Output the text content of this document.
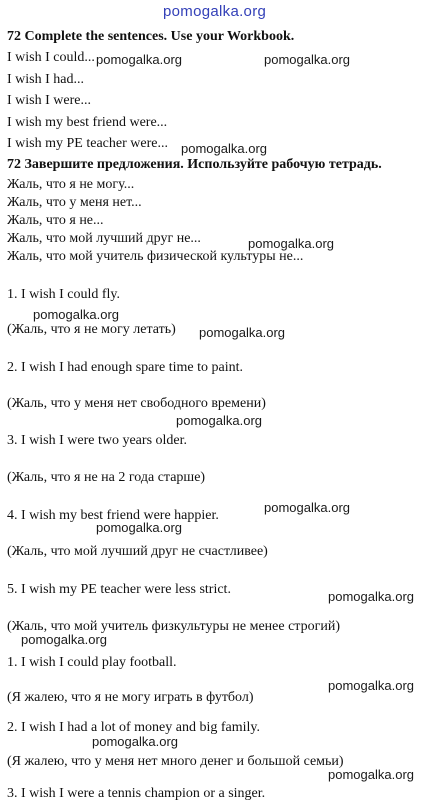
pomogalka.org
72 Complete the sentences. Use your Workbook.
I wish I could...
I wish I had...
I wish I were...
I wish my best friend were...
I wish my PE teacher were...
72 Завершите предложения. Используйте рабочую тетрадь.
Жаль, что я не могу...
Жаль, что у меня нет...
Жаль, что я не...
Жаль, что мой лучший друг не...
Жаль, что мой учитель физической культуры не...
1. I wish I could fly.
(Жаль, что я не могу летать)
2. I wish I had enough spare time to paint.
(Жаль, что у меня нет свободного времени)
3. I wish I were two years older.
(Жаль, что я не на 2 года старше)
4. I wish my best friend were happier.
(Жаль, что мой лучший друг не счастливее)
5. I wish my PE teacher were less strict.
(Жаль, что мой учитель физкультуры не менее строгий)
1. I wish I could play football.
(Я жалею, что я не могу играть в футбол)
2. I wish I had a lot of money and big family.
(Я жалею, что у меня нет много денег и большой семьи)
3. I wish I were a tennis champion or a singer.
pomogalka.org	pomogalka.org
pomogalka.org
pomogalka.org
pomogalka.org
pomogalka.org
pomogalka.org
pomogalka.org
pomogalka.org
pomogalka.org
pomogalka.org
pomogalka.org
pomogalka.org
pomogalka.org
